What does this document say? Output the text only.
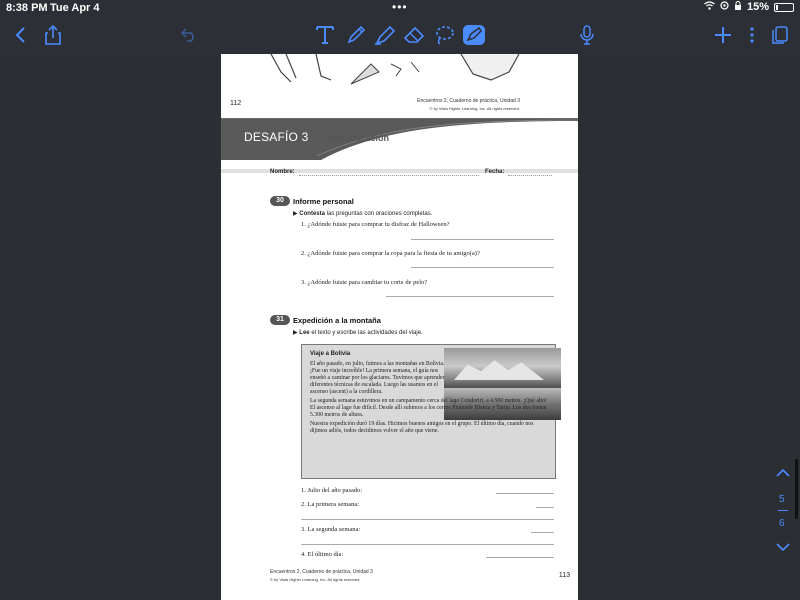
8:38 PM Tue Apr 4	•••	15%
112	Encuentros 2, Cuaderno de práctica, Unidad 3
© by Vista Higher Learning, Inc. All rights reserved.
DESAFÍO 3 Comunicación
Nombre:	Fecha:
30	Informe personal
▶ Contesta las preguntas con oraciones completas.
1. ¿Adónde fuiste para comprar tu disfraz de Halloween?
2. ¿Adónde fuiste para comprar la ropa para la fiesta de tu amigo(a)?
3. ¿Adónde fuiste para cambiar tu corte de pelo?
31	Expedición a la montaña
▶ Lee el texto y escribe las actividades del viaje.
Viaje a Bolivia

El año pasado, en julio, fuimos a las montañas en Bolivia. ¡Fue un viaje increíble! La primera semana, el guía nos enseñó a caminar por los glaciares. Tuvimos que aprender diferentes técnicas de escalada. Luego las usamos en el ascenso (ascent) a la cordillera.

La segunda semana estuvimos en un campamento cerca del lago Condoriri, a 4.500 metros. ¡Qué alto! El ascenso al lago fue difícil. Desde allí subimos a los cerros Pirámide Blanca y Tarija. Los dos tienen 5.300 metros de altura.

Nuestra expedición duró 19 días. Hicimos buenos amigos en el grupo. El último día, cuando nos dijimos adiós, todos decidimos volver el año que viene.

1. Julio del año pasado:
2. La primera semana:
3. La segunda semana:
4. El último día:
Encuentros 2, Cuaderno de práctica, Unidad 3
© by Vista Higher Learning, Inc. All rights reserved.
113
5
6
